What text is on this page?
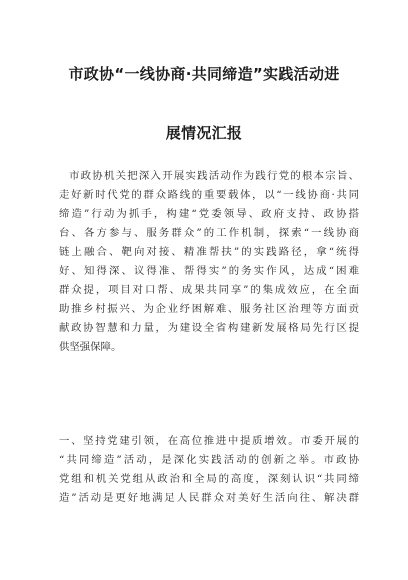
市政协“一线协商·共同缔造”实践活动进
展情况汇报
市政协机关把深入开展实践活动作为践行党的根本宗旨、
走好新时代党的群众路线的重要载体，以“一线协商·共同
缔造”行动为抓手，构建“党委领导、政府支持、政协搭
台、各方参与、服务群众”的工作机制，探索“一线协商
链上融合、靶向对接、精准帮扶”的实践路径，拿“统得
好、知得深、议得准、帮得实”的务实作风，达成“困难
群众提，项目对口帮、成果共同享”的集成效应，在全面
助推乡村振兴、为企业纾困解难、服务社区治理等方面贡
献政协智慧和力量，为建设全省构建新发展格局先行区提
供坚强保障。
一、坚持党建引领，在高位推进中提质增效。市委开展的
“共同缔造”活动，是深化实践活动的创新之举。市政协
党组和机关党组从政治和全局的高度，深刻认识“共同缔
造”活动是更好地满足人民群众对美好生活向往、解决群
